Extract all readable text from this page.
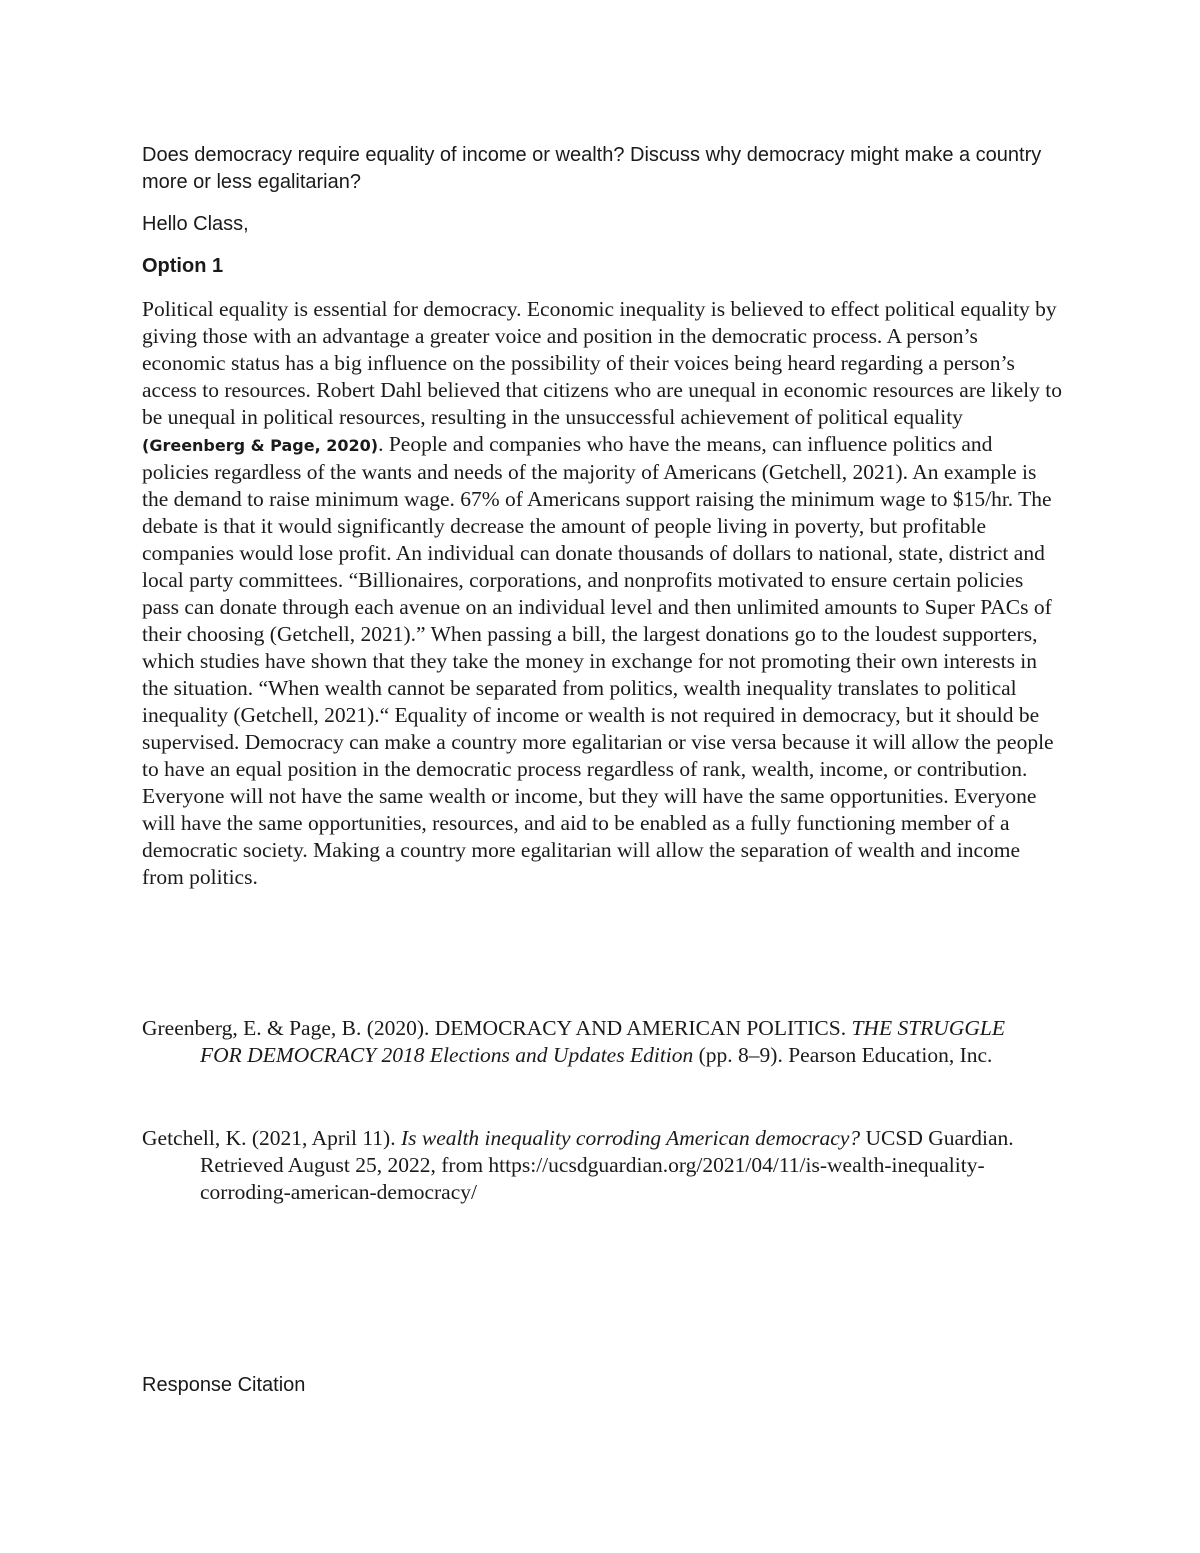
Does democracy require equality of income or wealth? Discuss why democracy might make a country more or less egalitarian?

Hello Class,

Option 1

Political equality is essential for democracy. Economic inequality is believed to effect political equality by giving those with an advantage a greater voice and position in the democratic process. A person’s economic status has a big influence on the possibility of their voices being heard regarding a person’s access to resources. Robert Dahl believed that citizens who are unequal in economic resources are likely to be unequal in political resources, resulting in the unsuccessful achievement of political equality (Greenberg & Page, 2020). People and companies who have the means, can influence politics and policies regardless of the wants and needs of the majority of Americans (Getchell, 2021). An example is the demand to raise minimum wage. 67% of Americans support raising the minimum wage to $15/hr. The debate is that it would significantly decrease the amount of people living in poverty, but profitable companies would lose profit. An individual can donate thousands of dollars to national, state, district and local party committees. “Billionaires, corporations, and nonprofits motivated to ensure certain policies pass can donate through each avenue on an individual level and then unlimited amounts to Super PACs of their choosing (Getchell, 2021).” When passing a bill, the largest donations go to the loudest supporters, which studies have shown that they take the money in exchange for not promoting their own interests in the situation. “When wealth cannot be separated from politics, wealth inequality translates to political inequality (Getchell, 2021).“ Equality of income or wealth is not required in democracy, but it should be supervised. Democracy can make a country more egalitarian or vise versa because it will allow the people to have an equal position in the democratic process regardless of rank, wealth, income, or contribution. Everyone will not have the same wealth or income, but they will have the same opportunities. Everyone will have the same opportunities, resources, and aid to be enabled as a fully functioning member of a democratic society. Making a country more egalitarian will allow the separation of wealth and income from politics.

Greenberg, E. & Page, B. (2020). DEMOCRACY AND AMERICAN POLITICS. THE STRUGGLE FOR DEMOCRACY 2018 Elections and Updates Edition (pp. 8–9). Pearson Education, Inc.

Getchell, K. (2021, April 11). Is wealth inequality corroding American democracy? UCSD Guardian. Retrieved August 25, 2022, from https://ucsdguardian.org/2021/04/11/is-wealth-inequality-corroding-american-democracy/

Response Citation
